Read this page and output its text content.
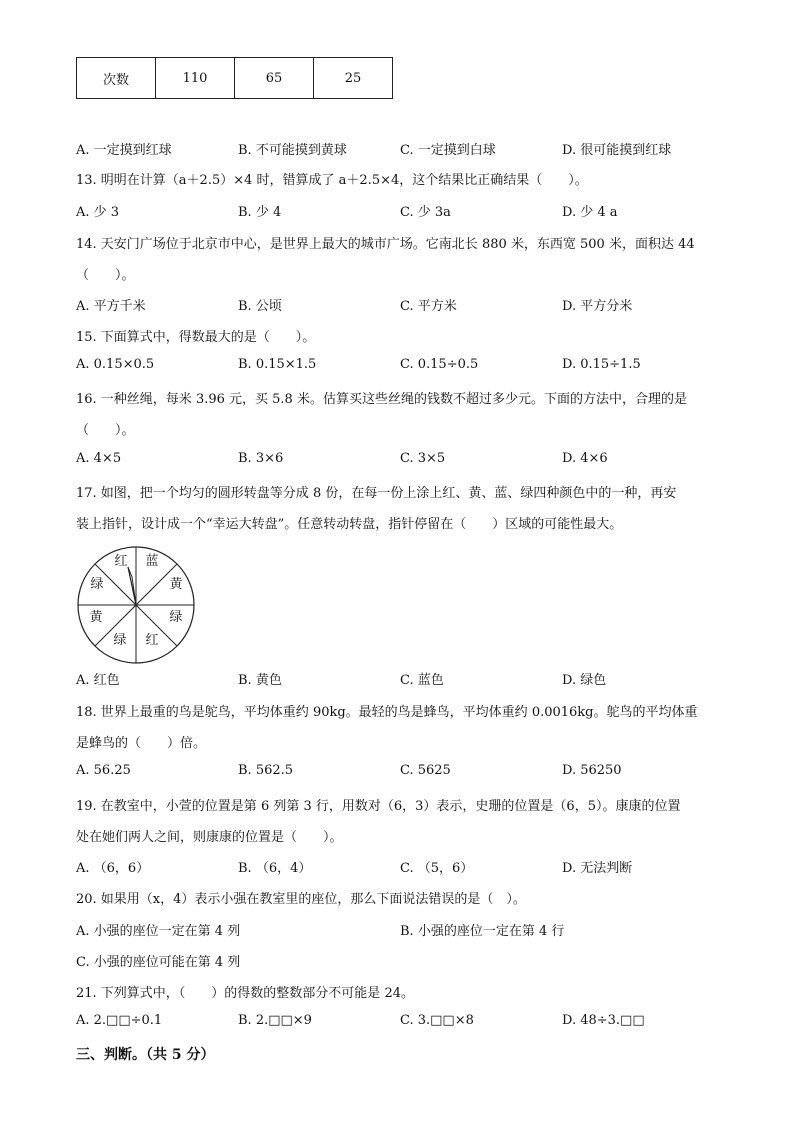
次数	110	65	25
A. 一定摸到红球	B. 不可能摸到黄球	C. 一定摸到白球	D. 很可能摸到红球
13. 明明在计算（a＋2.5）×4 时，错算成了 a＋2.5×4，这个结果比正确结果（　　）。
A. 少 3	B. 少 4	C. 少 3a	D. 少 4 a
14. 天安门广场位于北京市中心，是世界上最大的城市广场。它南北长 880 米，东西宽 500 米，面积达 44
（　　）。
A. 平方千米	B. 公顷	C. 平方米	D. 平方分米
15. 下面算式中，得数最大的是（　　）。
A. 0.15×0.5	B. 0.15×1.5	C. 0.15÷0.5	D. 0.15÷1.5
16. 一种丝绳，每米 3.96 元，买 5.8 米。估算买这些丝绳的钱数不超过多少元。下面的方法中，合理的是
（　　）。
A. 4×5	B. 3×6	C. 3×5	D. 4×6
17. 如图，把一个均匀的圆形转盘等分成 8 份，在每一份上涂上红、黄、蓝、绿四种颜色中的一种，再安
装上指针，设计成一个“幸运大转盘”。任意转动转盘，指针停留在（　　）区域的可能性最大。
红 蓝
黄
绿
绿
红
绿
黄
A. 红色	B. 黄色	C. 蓝色	D. 绿色
18. 世界上最重的鸟是鸵鸟，平均体重约 90kg。最轻的鸟是蜂鸟，平均体重约 0.0016kg。鸵鸟的平均体重
是蜂鸟的（　　）倍。
A. 56.25	B. 562.5	C. 5625	D. 56250
19. 在教室中，小萱的位置是第 6 列第 3 行，用数对（6，3）表示，史珊的位置是（6，5）。康康的位置
处在她们两人之间，则康康的位置是（　　）。
A. （6，6）	B. （6，4）	C. （5，6）	D. 无法判断
20. 如果用（x，4）表示小强在教室里的座位，那么下面说法错误的是（　）。
A. 小强的座位一定在第 4 列	B. 小强的座位一定在第 4 行
C. 小强的座位可能在第 4 列
21. 下列算式中，（　　）的得数的整数部分不可能是 24。
A. 2.□□÷0.1	B. 2.□□×9	C. 3.□□×8	D. 48÷3.□□
三、判断。（共 5 分）
